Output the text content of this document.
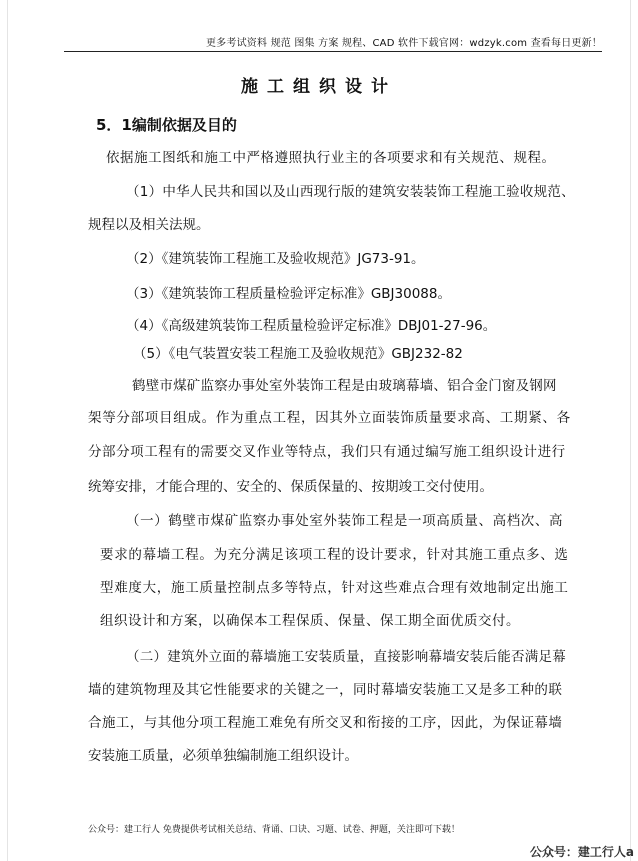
更多考试资料 规范 图集 方案 规程、CAD 软件下载官网：wdzyk.com 查看每日更新！
施工组织设计
5．1编制依据及目的
依据施工图纸和施工中严格遵照执行业主的各项要求和有关规范、规程。
（1）中华人民共和国以及山西现行版的建筑安装装饰工程施工验收规范、
规程以及相关法规。
（2）《建筑装饰工程施工及验收规范》JG73-91。
（3）《建筑装饰工程质量检验评定标准》GBJ30088。
（4）《高级建筑装饰工程质量检验评定标准》DBJ01-27-96。
（5）《电气装置安装工程施工及验收规范》GBJ232-82
鹤壁市煤矿监察办事处室外装饰工程是由玻璃幕墙、铝合金门窗及钢网
架等分部项目组成。作为重点工程，因其外立面装饰质量要求高、工期紧、各
分部分项工程有的需要交叉作业等特点，我们只有通过编写施工组织设计进行
统筹安排，才能合理的、安全的、保质保量的、按期竣工交付使用。
（一）鹤壁市煤矿监察办事处室外装饰工程是一项高质量、高档次、高
要求的幕墙工程。为充分满足该项工程的设计要求，针对其施工重点多、选
型难度大，施工质量控制点多等特点，针对这些难点合理有效地制定出施工
组织设计和方案，以确保本工程保质、保量、保工期全面优质交付。
（二）建筑外立面的幕墙施工安装质量，直接影响幕墙安装后能否满足幕
墙的建筑物理及其它性能要求的关键之一，同时幕墙安装施工又是多工种的联
合施工，与其他分项工程施工难免有所交叉和衔接的工序，因此，为保证幕墙
安装施工质量，必须单独编制施工组织设计。
公众号：建工行人 免费提供考试相关总结、背诵、口诀、习题、试卷、押题，关注即可下载！
公众号：建工行人a
